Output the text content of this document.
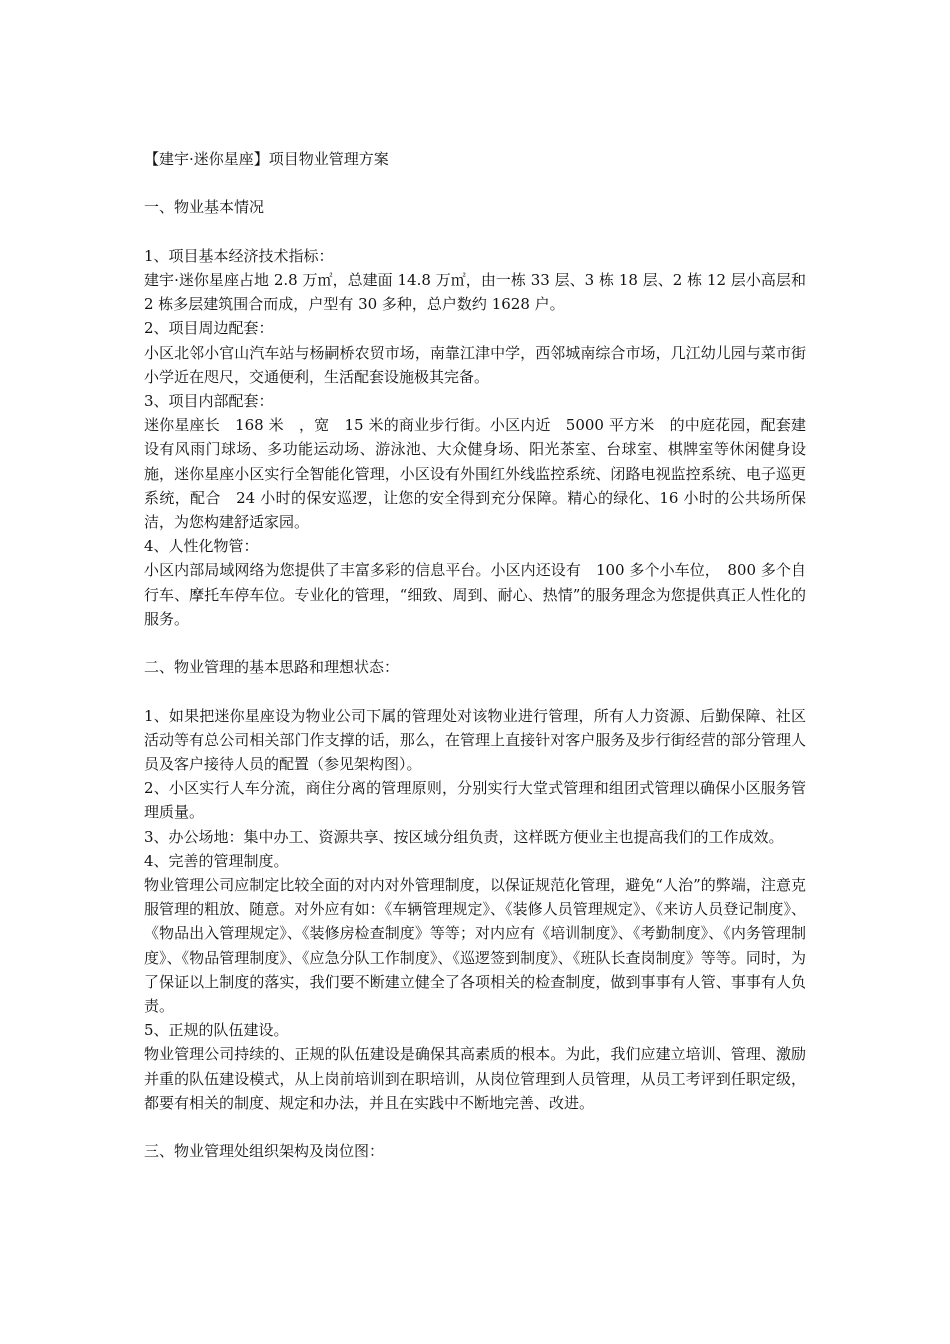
【建宇·迷你星座】项目物业管理方案
一、物业基本情况
1、项目基本经济技术指标：
建宇·迷你星座占地 2.8 万㎡，总建面 14.8 万㎡，由一栋 33 层、3 栋 18 层、2 栋 12 层小高层和 2 栋多层建筑围合而成，户型有 30 多种，总户数约 1628 户。
2、项目周边配套：
小区北邻小官山汽车站与杨嗣桥农贸市场，南靠江津中学，西邻城南综合市场，几江幼儿园与菜市街小学近在咫尺，交通便利，生活配套设施极其完备。
3、项目内部配套：
迷你星座长　168 米　，宽　15 米的商业步行街。小区内近　5000 平方米　的中庭花园，配套建设有风雨门球场、多功能运动场、游泳池、大众健身场、阳光茶室、台球室、棋牌室等休闲健身设施，迷你星座小区实行全智能化管理，小区设有外围红外线监控系统、闭路电视监控系统、电子巡更系统，配合　24 小时的保安巡逻，让您的安全得到充分保障。精心的绿化、16 小时的公共场所保洁，为您构建舒适家园。
4、人性化物管：
小区内部局域网络为您提供了丰富多彩的信息平台。小区内还设有　100 多个小车位，　800 多个自行车、摩托车停车位。专业化的管理，“细致、周到、耐心、热情”的服务理念为您提供真正人性化的服务。
二、物业管理的基本思路和理想状态：
1、如果把迷你星座设为物业公司下属的管理处对该物业进行管理，所有人力资源、后勤保障、社区活动等有总公司相关部门作支撑的话，那么，在管理上直接针对客户服务及步行街经营的部分管理人员及客户接待人员的配置（参见架构图）。
2、小区实行人车分流，商住分离的管理原则，分别实行大堂式管理和组团式管理以确保小区服务管理质量。
3、办公场地：集中办工、资源共享、按区域分组负责，这样既方便业主也提高我们的工作成效。
4、完善的管理制度。
物业管理公司应制定比较全面的对内对外管理制度，以保证规范化管理，避免“人治”的弊端，注意克服管理的粗放、随意。对外应有如：《车辆管理规定》、《装修人员管理规定》、《来访人员登记制度》、《物品出入管理规定》、《装修房检查制度》等等；对内应有《培训制度》、《考勤制度》、《内务管理制度》、《物品管理制度》、《应急分队工作制度》、《巡逻签到制度》、《班队长查岗制度》等等。同时，为了保证以上制度的落实，我们要不断建立健全了各项相关的检查制度，做到事事有人管、事事有人负责。
5、正规的队伍建设。
物业管理公司持续的、正规的队伍建设是确保其高素质的根本。为此，我们应建立培训、管理、激励并重的队伍建设模式，从上岗前培训到在职培训，从岗位管理到人员管理，从员工考评到任职定级，都要有相关的制度、规定和办法，并且在实践中不断地完善、改进。
三、物业管理处组织架构及岗位图：
